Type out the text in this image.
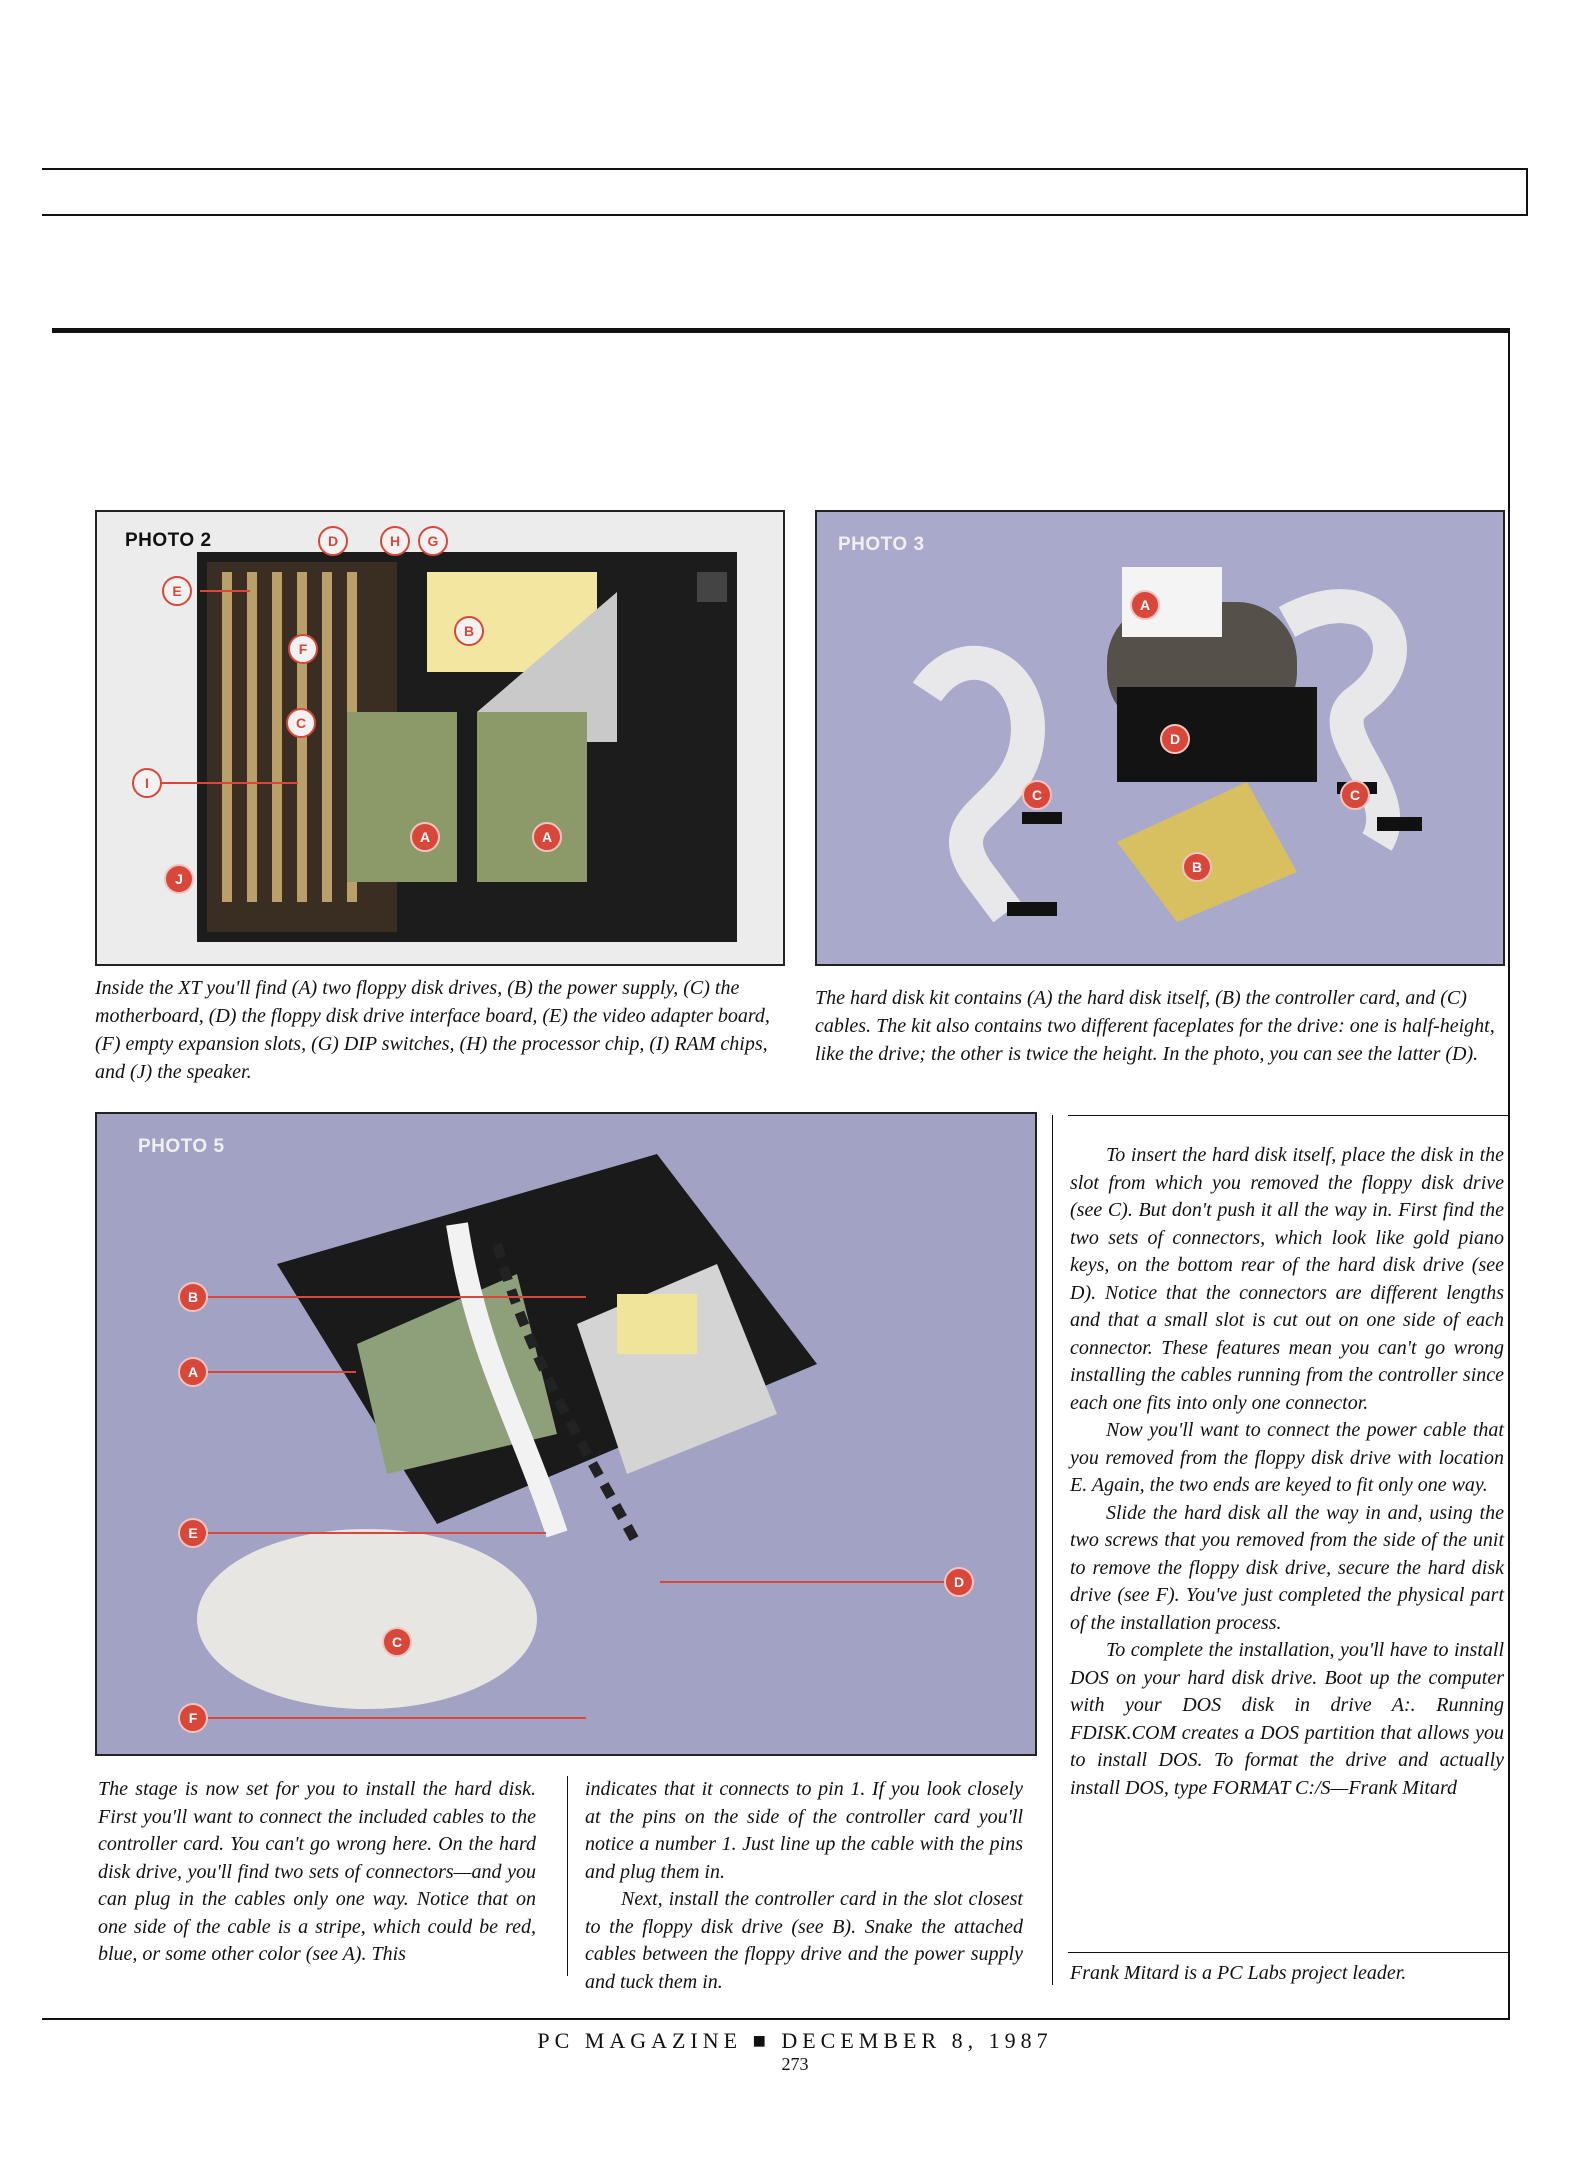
PHOTO 2	D	H	G
E
B
F
C
I
J
A	A
Inside the XT you'll find (A) two floppy disk drives, (B) the power supply, (C) the motherboard, (D) the floppy disk drive interface board, (E) the video adapter board, (F) empty expansion slots, (G) DIP switches, (H) the processor chip, (I) RAM chips, and (J) the speaker.
PHOTO 3
A
D
C	C
B
The hard disk kit contains (A) the hard disk itself, (B) the controller card, and (C) cables. The kit also contains two different faceplates for the drive: one is half-height, like the drive; the other is twice the height. In the photo, you can see the latter (D).
PHOTO 5
B
A
E
C
F
D

The stage is now set for you to install the hard disk. First you'll want to connect the included cables to the controller card. You can't go wrong here. On the hard disk drive, you'll find two sets of connectors—and you can plug in the cables only one way. Notice that on one side of the cable is a stripe, which could be red, blue, or some other color (see A). This

indicates that it connects to pin 1. If you look closely at the pins on the side of the controller card you'll notice a number 1. Just line up the cable with the pins and plug them in.

Next, install the controller card in the slot closest to the floppy disk drive (see B). Snake the attached cables between the floppy drive and the power supply and tuck them in.

To insert the hard disk itself, place the disk in the slot from which you removed the floppy disk drive (see C). But don't push it all the way in. First find the two sets of connectors, which look like gold piano keys, on the bottom rear of the hard disk drive (see D). Notice that the connectors are different lengths and that a small slot is cut out on one side of each connector. These features mean you can't go wrong installing the cables running from the controller since each one fits into only one connector.

Now you'll want to connect the power cable that you removed from the floppy disk drive with location E. Again, the two ends are keyed to fit only one way.

Slide the hard disk all the way in and, using the two screws that you removed from the side of the unit to remove the floppy disk drive, secure the hard disk drive (see F). You've just completed the physical part of the installation process.

To complete the installation, you'll have to install DOS on your hard disk drive. Boot up the computer with your DOS disk in drive A:. Running FDISK.COM creates a DOS partition that allows you to install DOS. To format the drive and actually install DOS, type FORMAT C:/S—Frank Mitard

Frank Mitard is a PC Labs project leader.
PC MAGAZINE ■ DECEMBER 8, 1987
273
